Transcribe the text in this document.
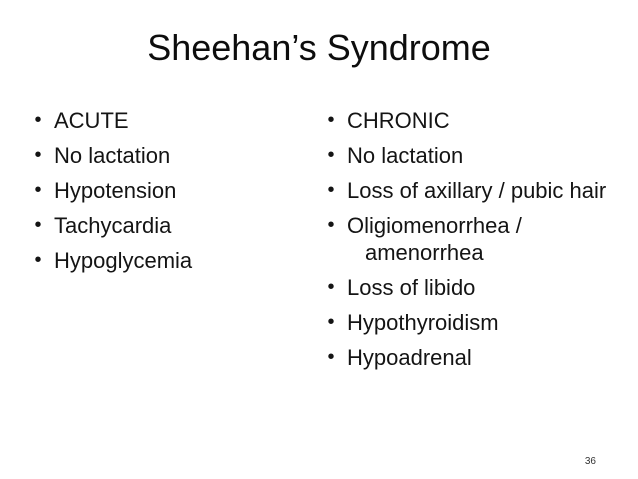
Sheehan’s Syndrome
• ACUTE
• No lactation
• Hypotension
• Tachycardia
• Hypoglycemia
• CHRONIC
• No lactation
• Loss of axillary / pubic hair
• Oligiomenorrhea /
amenorrhea
• Loss of libido
• Hypothyroidism
• Hypoadrenal
36
